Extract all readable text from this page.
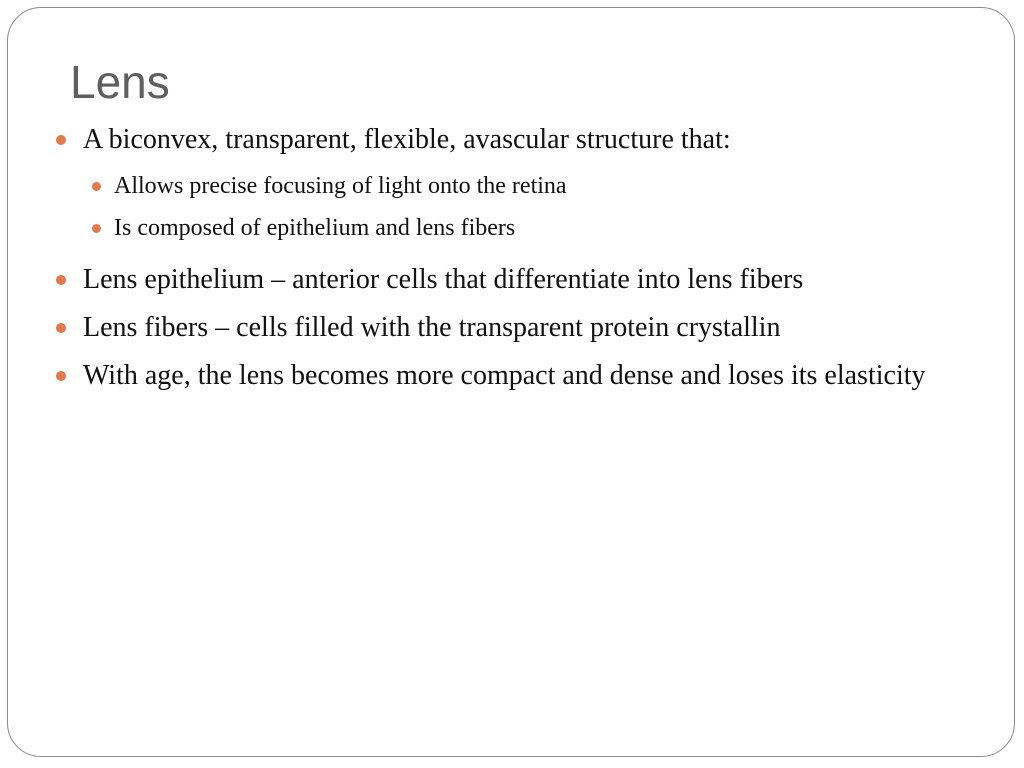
Lens
A biconvex, transparent, flexible, avascular structure that:
Allows precise focusing of light onto the retina
Is composed of epithelium and lens fibers
Lens epithelium – anterior cells that differentiate into lens fibers
Lens fibers – cells filled with the transparent protein crystallin
With age, the lens becomes more compact and dense and loses its elasticity
